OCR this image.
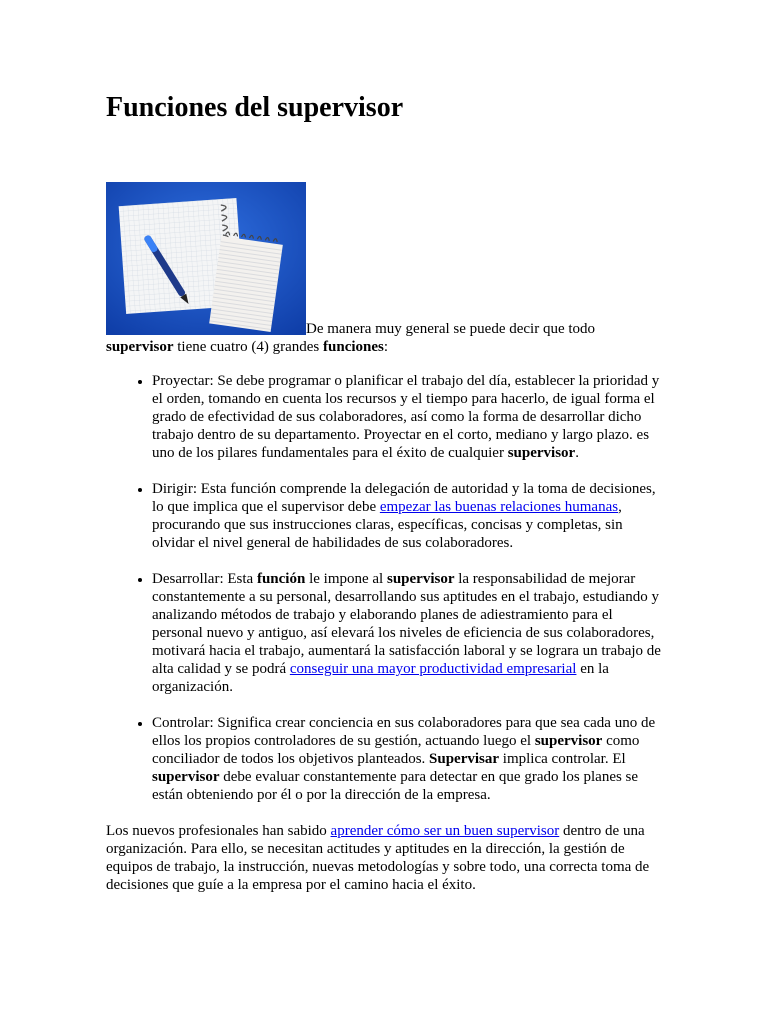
Funciones del supervisor
De manera muy general se puede decir que todo supervisor tiene cuatro (4) grandes funciones:
• Proyectar: Se debe programar o planificar el trabajo del día, establecer la prioridad y el orden, tomando en cuenta los recursos y el tiempo para hacerlo, de igual forma el grado de efectividad de sus colaboradores, así como la forma de desarrollar dicho trabajo dentro de su departamento. Proyectar en el corto, mediano y largo plazo. es uno de los pilares fundamentales para el éxito de cualquier supervisor.
• Dirigir: Esta función comprende la delegación de autoridad y la toma de decisiones, lo que implica que el supervisor debe empezar las buenas relaciones humanas, procurando que sus instrucciones claras, específicas, concisas y completas, sin olvidar el nivel general de habilidades de sus colaboradores.
• Desarrollar: Esta función le impone al supervisor la responsabilidad de mejorar constantemente a su personal, desarrollando sus aptitudes en el trabajo, estudiando y analizando métodos de trabajo y elaborando planes de adiestramiento para el personal nuevo y antiguo, así elevará los niveles de eficiencia de sus colaboradores, motivará hacia el trabajo, aumentará la satisfacción laboral y se lograra un trabajo de alta calidad y se podrá conseguir una mayor productividad empresarial en la organización.
• Controlar: Significa crear conciencia en sus colaboradores para que sea cada uno de ellos los propios controladores de su gestión, actuando luego el supervisor como conciliador de todos los objetivos planteados. Supervisar implica controlar. El supervisor debe evaluar constantemente para detectar en que grado los planes se están obteniendo por él o por la dirección de la empresa.

Los nuevos profesionales han sabido aprender cómo ser un buen supervisor dentro de una organización. Para ello, se necesitan actitudes y aptitudes en la dirección, la gestión de equipos de trabajo, la instrucción, nuevas metodologías y sobre todo, una correcta toma de decisiones que guíe a la empresa por el camino hacia el éxito.
